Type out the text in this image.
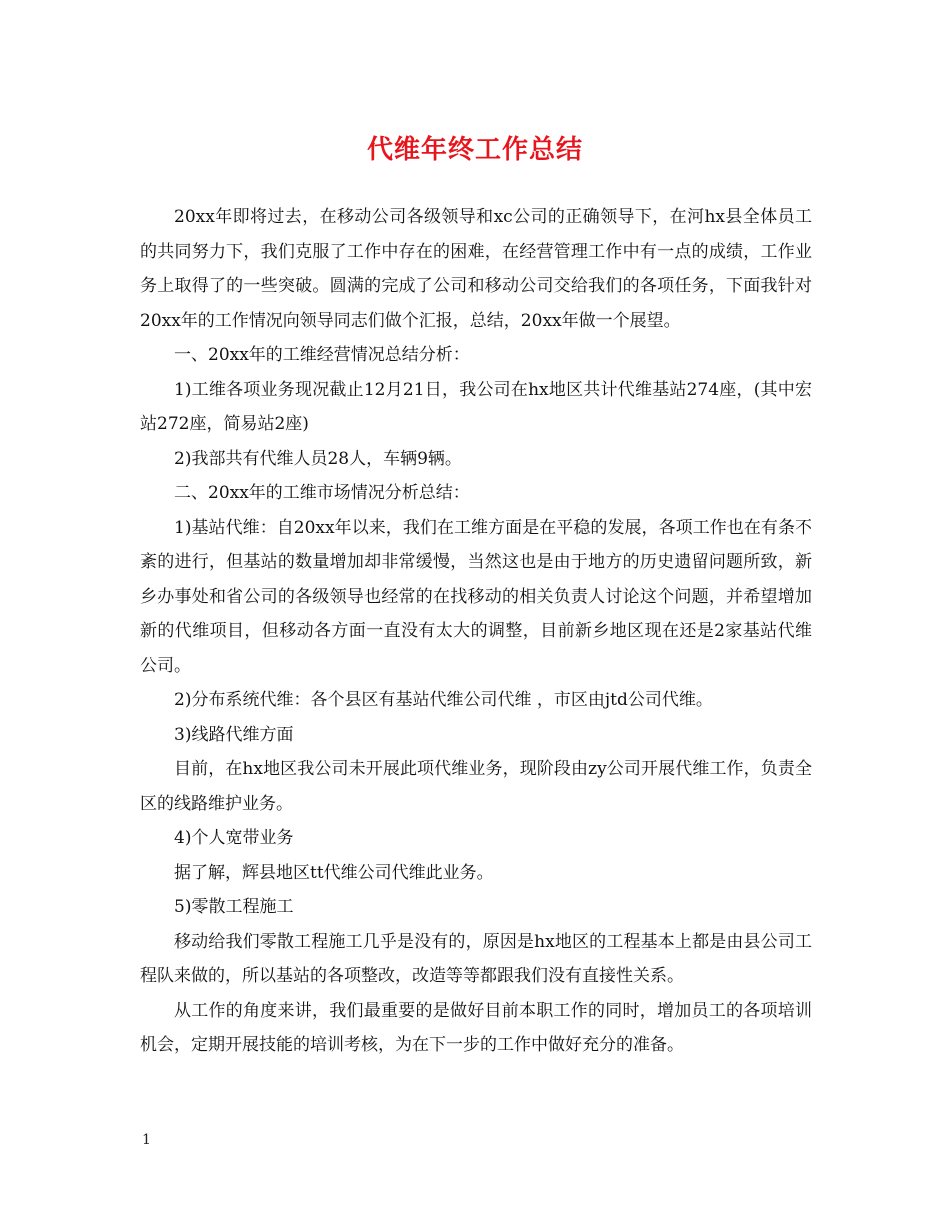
代维年终工作总结

20xx年即将过去，在移动公司各级领导和xc公司的正确领导下，在河hx县全体员工的共同努力下，我们克服了工作中存在的困难，在经营管理工作中有一点的成绩，工作业务上取得了的一些突破。圆满的完成了公司和移动公司交给我们的各项任务，下面我针对20xx年的工作情况向领导同志们做个汇报，总结，20xx年做一个展望。

一、20xx年的工维经营情况总结分析：

1)工维各项业务现况截止12月21日，我公司在hx地区共计代维基站274座，(其中宏站272座，简易站2座)

2)我部共有代维人员28人，车辆9辆。

二、20xx年的工维市场情况分析总结：

1)基站代维：自20xx年以来，我们在工维方面是在平稳的发展，各项工作也在有条不紊的进行，但基站的数量增加却非常缓慢，当然这也是由于地方的历史遗留问题所致，新乡办事处和省公司的各级领导也经常的在找移动的相关负责人讨论这个问题，并希望增加新的代维项目，但移动各方面一直没有太大的调整，目前新乡地区现在还是2家基站代维公司。

2)分布系统代维：各个县区有基站代维公司代维 ，市区由jtd公司代维。

3)线路代维方面

目前，在hx地区我公司未开展此项代维业务，现阶段由zy公司开展代维工作，负责全区的线路维护业务。

4)个人宽带业务

据了解，辉县地区tt代维公司代维此业务。

5)零散工程施工

移动给我们零散工程施工几乎是没有的，原因是hx地区的工程基本上都是由县公司工程队来做的，所以基站的各项整改，改造等等都跟我们没有直接性关系。

从工作的角度来讲，我们最重要的是做好目前本职工作的同时，增加员工的各项培训机会，定期开展技能的培训考核，为在下一步的工作中做好充分的准备。

1
